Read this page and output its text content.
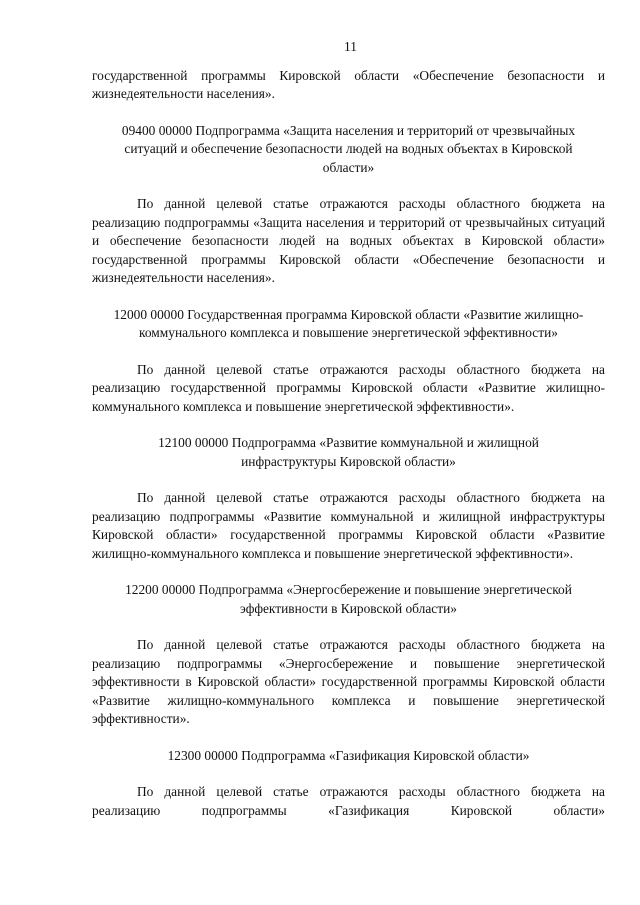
11

государственной программы Кировской области «Обеспечение безопасности и жизнедеятельности населения».

09400 00000 Подпрограмма «Защита населения и территорий от чрезвычайных ситуаций и обеспечение безопасности людей на водных объектах в Кировской области»

По данной целевой статье отражаются расходы областного бюджета на реализацию подпрограммы «Защита населения и территорий от чрезвычайных ситуаций и обеспечение безопасности людей на водных объектах в Кировской области» государственной программы Кировской области «Обеспечение безопасности и жизнедеятельности населения».

12000 00000 Государственная программа Кировской области «Развитие жилищно-коммунального комплекса и повышение энергетической эффективности»

По данной целевой статье отражаются расходы областного бюджета на реализацию государственной программы Кировской области «Развитие жилищно-коммунального комплекса и повышение энергетической эффективности».

12100 00000 Подпрограмма «Развитие коммунальной и жилищной инфраструктуры Кировской области»

По данной целевой статье отражаются расходы областного бюджета на реализацию подпрограммы «Развитие коммунальной и жилищной инфраструктуры Кировской области» государственной программы Кировской области «Развитие жилищно-коммунального комплекса и повышение энергетической эффективности».

12200 00000 Подпрограмма «Энергосбережение и повышение энергетической эффективности в Кировской области»

По данной целевой статье отражаются расходы областного бюджета на реализацию подпрограммы «Энергосбережение и повышение энергетической эффективности в Кировской области» государственной программы Кировской области «Развитие жилищно-коммунального комплекса и повышение энергетической эффективности».

12300 00000 Подпрограмма «Газификация Кировской области»

По данной целевой статье отражаются расходы областного бюджета на реализацию подпрограммы «Газификация Кировской области»
